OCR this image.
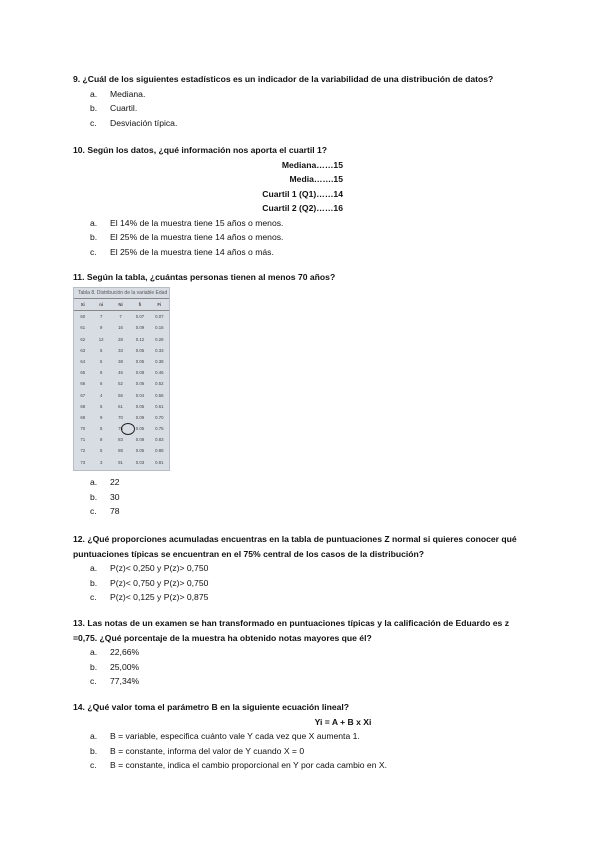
9. ¿Cuál de los siguientes estadísticos es un indicador de la variabilidad de una distribución de datos?
a. Mediana.
b. Cuartil.
c. Desviación típica.
10. Según los datos, ¿qué información nos aporta el cuartil 1?
Mediana……15
Media…….15
Cuartil 1 (Q1)……14
Cuartil 2 (Q2)……16
a. El 14% de la muestra tiene 15 años o menos.
b. El 25% de la muestra tiene 14 años o menos.
c. El 25% de la muestra tiene 14 años o más.
11. Según la tabla, ¿cuántas personas tienen al menos 70 años?
Tabla 8. Distribución de la variable Edad
Xi	ni	Ni	fi	Fi
60	7	7	0.07	0.07
61	9	16	0.09	0.16
62	12	28	0.12	0.28
63	5	33	0.05	0.33
64	5	38	0.05	0.38
65	8	46	0.08	0.46
66	6	52	0.06	0.52
67	4	56	0.04	0.56
68	5	61	0.05	0.61
69	9	70	0.09	0.70
70	5	75	0.05	0.75
71	8	83	0.08	0.83
72	5	88	0.05	0.88
73	3	91	0.03	0.91
a. 22
b. 30
c. 78
12. ¿Qué proporciones acumuladas encuentras en la tabla de puntuaciones Z normal si quieres conocer qué puntuaciones típicas se encuentran en el 75% central de los casos de la distribución?
a. P(z)< 0,250 y P(z)> 0,750
b. P(z)< 0,750 y P(z)> 0,750
c. P(z)< 0,125 y P(z)> 0,875
13. Las notas de un examen se han transformado en puntuaciones típicas y la calificación de Eduardo es z =0,75. ¿Qué porcentaje de la muestra ha obtenido notas mayores que él?
a. 22,66%
b. 25,00%
c. 77,34%
14. ¿Qué valor toma el parámetro B en la siguiente ecuación lineal?
Yi = A + B x Xi
a. B = variable, especifica cuánto vale Y cada vez que X aumenta 1.
b. B = constante, informa del valor de Y cuando X = 0
c. B = constante, indica el cambio proporcional en Y por cada cambio en X.
